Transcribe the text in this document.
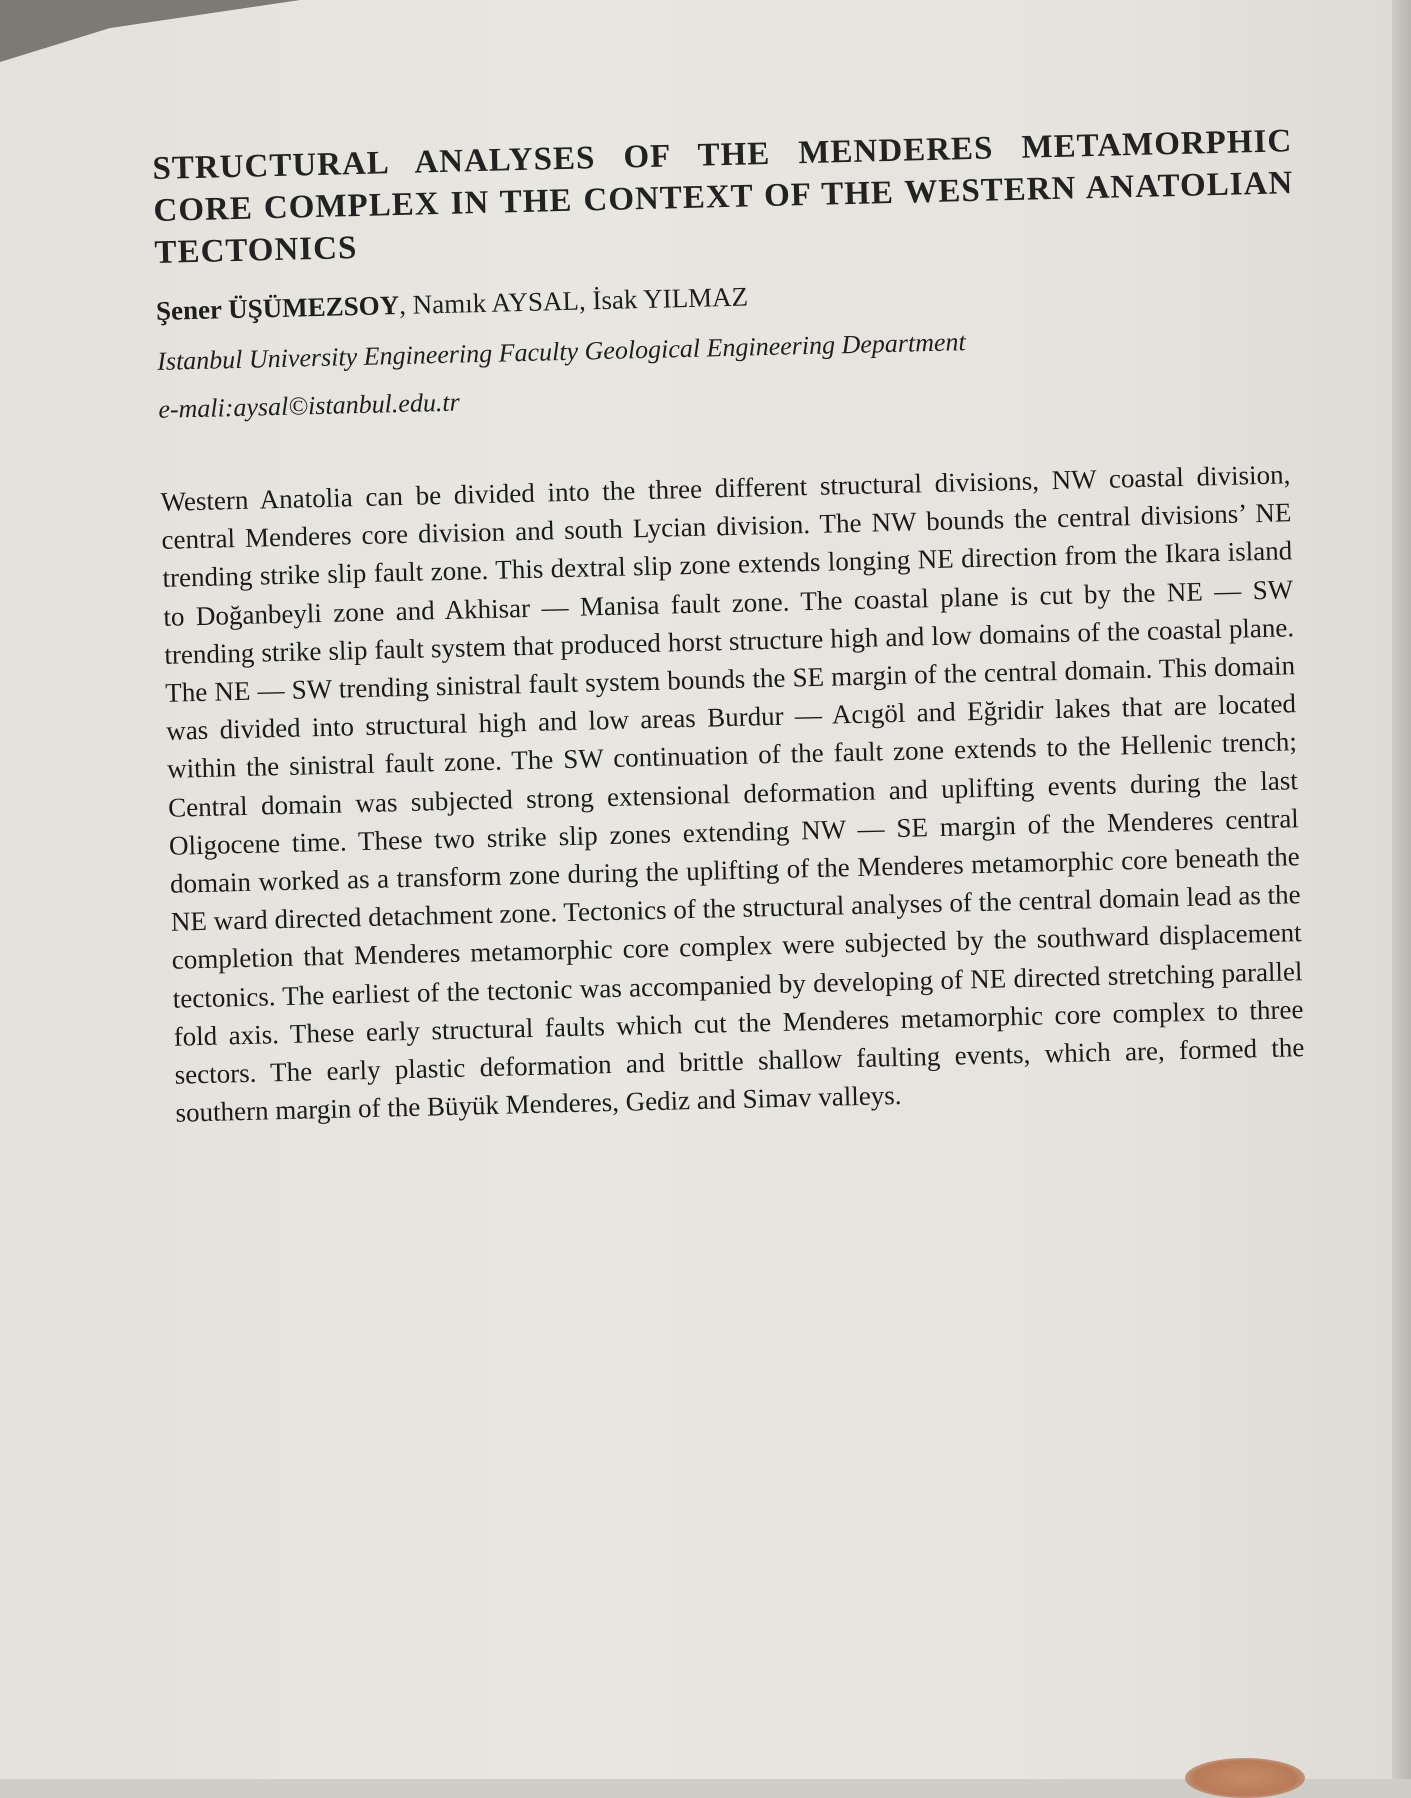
STRUCTURAL ANALYSES OF THE MENDERES METAMORPHIC CORE COMPLEX IN THE CONTEXT OF THE WESTERN ANATOLIAN TECTONICS
Şener ÜŞÜMEZSOY, Namık AYSAL, İsak YILMAZ
Istanbul University Engineering Faculty Geological Engineering Department
e-mali:aysal©istanbul.edu.tr

Western Anatolia can be divided into the three different structural divisions, NW coastal division, central Menderes core division and south Lycian division. The NW bounds the central divisions’ NE trending strike slip fault zone. This dextral slip zone extends longing NE direction from the Ikara island to Doğanbeyli zone and Akhisar — Manisa fault zone. The coastal plane is cut by the NE — SW trending strike slip fault system that produced horst structure high and low domains of the coastal plane. The NE — SW trending sinistral fault system bounds the SE margin of the central domain. This domain was divided into structural high and low areas Burdur — Acıgöl and Eğridir lakes that are located within the sinistral fault zone. The SW continuation of the fault zone extends to the Hellenic trench; Central domain was subjected strong extensional deformation and uplifting events during the last Oligocene time. These two strike slip zones extending NW — SE margin of the Menderes central domain worked as a transform zone during the uplifting of the Menderes metamorphic core beneath the NE ward directed detachment zone. Tectonics of the structural analyses of the central domain lead as the completion that Menderes metamorphic core complex were subjected by the southward displacement tectonics. The earliest of the tectonic was accompanied by developing of NE directed stretching parallel fold axis. These early structural faults which cut the Menderes metamorphic core complex to three sectors. The early plastic deformation and brittle shallow faulting events, which are, formed the southern margin of the Büyük Menderes, Gediz and Simav valleys.
